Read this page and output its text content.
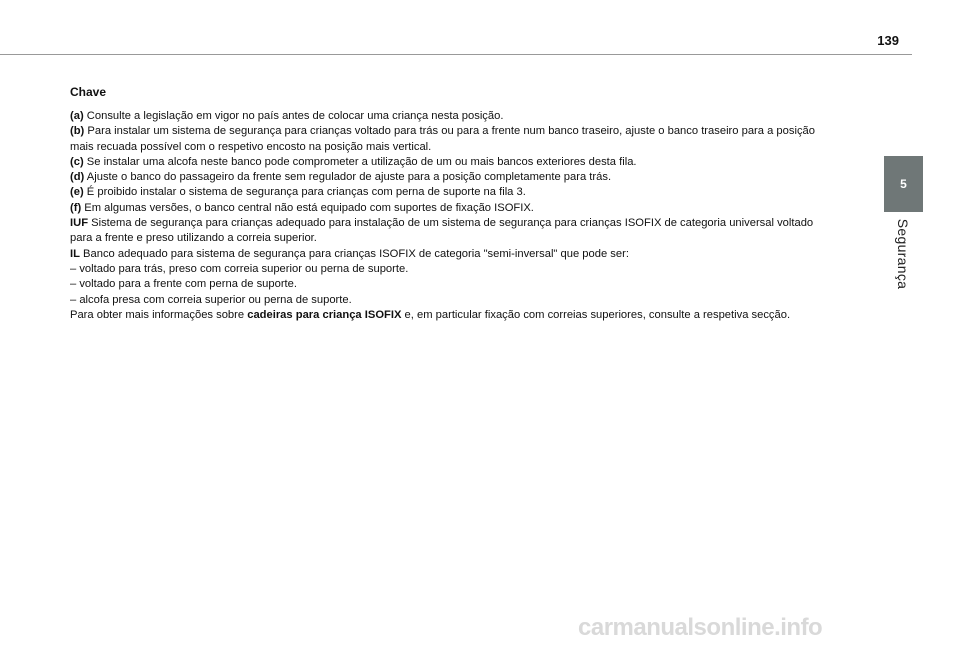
139
5
Segurança
Chave

(a) Consulte a legislação em vigor no país antes de colocar uma criança nesta posição.

(b) Para instalar um sistema de segurança para crianças voltado para trás ou para a frente num banco traseiro, ajuste o banco traseiro para a posição

mais recuada possível com o respetivo encosto na posição mais vertical.

(c) Se instalar uma alcofa neste banco pode comprometer a utilização de um ou mais bancos exteriores desta fila.

(d) Ajuste o banco do passageiro da frente sem regulador de ajuste para a posição completamente para trás.

(e) É proibido instalar o sistema de segurança para crianças com perna de suporte na fila 3.

(f) Em algumas versões, o banco central não está equipado com suportes de fixação ISOFIX.

IUF Sistema de segurança para crianças adequado para instalação de um sistema de segurança para crianças ISOFIX de categoria universal voltado

para a frente e preso utilizando a correia superior.

IL Banco adequado para sistema de segurança para crianças ISOFIX de categoria "semi-inversal" que pode ser:

– voltado para trás, preso com correia superior ou perna de suporte.

– voltado para a frente com perna de suporte.

– alcofa presa com correia superior ou perna de suporte.

Para obter mais informações sobre cadeiras para criança ISOFIX e, em particular fixação com correias superiores, consulte a respetiva secção.

carmanualsonline.info
